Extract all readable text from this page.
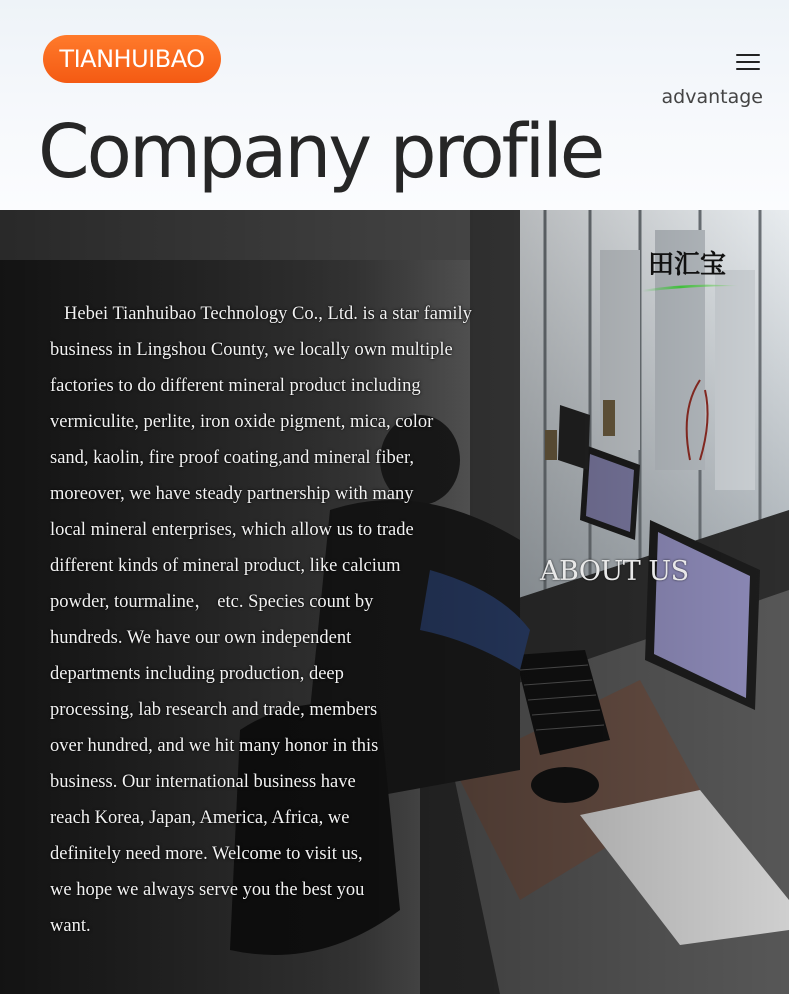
TIANHUIBAO
advantage
Company profile
田汇宝
ABOUT US
Hebei Tianhuibao Technology Co., Ltd. is a star family
business in Lingshou County, we locally own multiple
factories to do different mineral product including
vermiculite, perlite, iron oxide pigment, mica, color
sand, kaolin, fire proof coating,and mineral fiber,
moreover, we have steady partnership with many
local mineral enterprises, which allow us to trade
different kinds of mineral product, like calcium
powder, tourmaline， etc. Species count by
hundreds. We have our own independent
departments including production, deep
processing, lab research and trade, members
over hundred, and we hit many honor in this
business. Our international business have
reach Korea, Japan, America, Africa, we
definitely need more. Welcome to visit us,
we hope we always serve you the best you
want.
